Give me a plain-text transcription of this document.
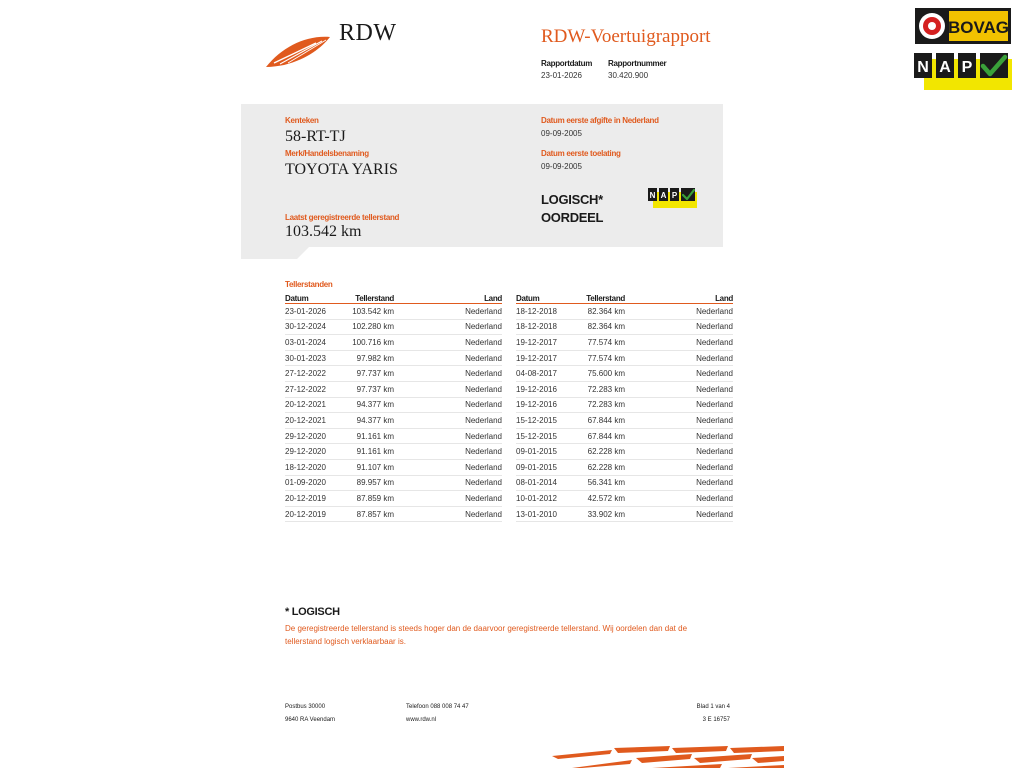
RDW	RDW-Voertuigrapport
Rapportdatum
23-01-2026
Rapportnummer
30.420.900
BOVAG
N A P
Kenteken
58-RT-TJ
Merk/Handelsbenaming
TOYOTA YARIS
Laatst geregistreerde tellerstand
103.542 km
Datum eerste afgifte in Nederland
09-09-2005
Datum eerste toelating
09-09-2005
LOGISCH*
OORDEEL
N A P
Tellerstanden
Datum	Tellerstand	Land
23-01-2026	103.542 km	Nederland
30-12-2024	102.280 km	Nederland
03-01-2024	100.716 km	Nederland
30-01-2023	97.982 km	Nederland
27-12-2022	97.737 km	Nederland
27-12-2022	97.737 km	Nederland
20-12-2021	94.377 km	Nederland
20-12-2021	94.377 km	Nederland
29-12-2020	91.161 km	Nederland
29-12-2020	91.161 km	Nederland
18-12-2020	91.107 km	Nederland
01-09-2020	89.957 km	Nederland
20-12-2019	87.859 km	Nederland
20-12-2019	87.857 km	Nederland
Datum	Tellerstand	Land
18-12-2018	82.364 km	Nederland
18-12-2018	82.364 km	Nederland
19-12-2017	77.574 km	Nederland
19-12-2017	77.574 km	Nederland
04-08-2017	75.600 km	Nederland
19-12-2016	72.283 km	Nederland
19-12-2016	72.283 km	Nederland
15-12-2015	67.844 km	Nederland
15-12-2015	67.844 km	Nederland
09-01-2015	62.228 km	Nederland
09-01-2015	62.228 km	Nederland
08-01-2014	56.341 km	Nederland
10-01-2012	42.572 km	Nederland
13-01-2010	33.902 km	Nederland
* LOGISCH
De geregistreerde tellerstand is steeds hoger dan de daarvoor geregistreerde tellerstand. Wij oordelen dan dat de tellerstand logisch verklaarbaar is.
Postbus 30000
9640 RA Veendam
Telefoon 088 008 74 47
www.rdw.nl
Blad 1 van 4
3 E 16757
